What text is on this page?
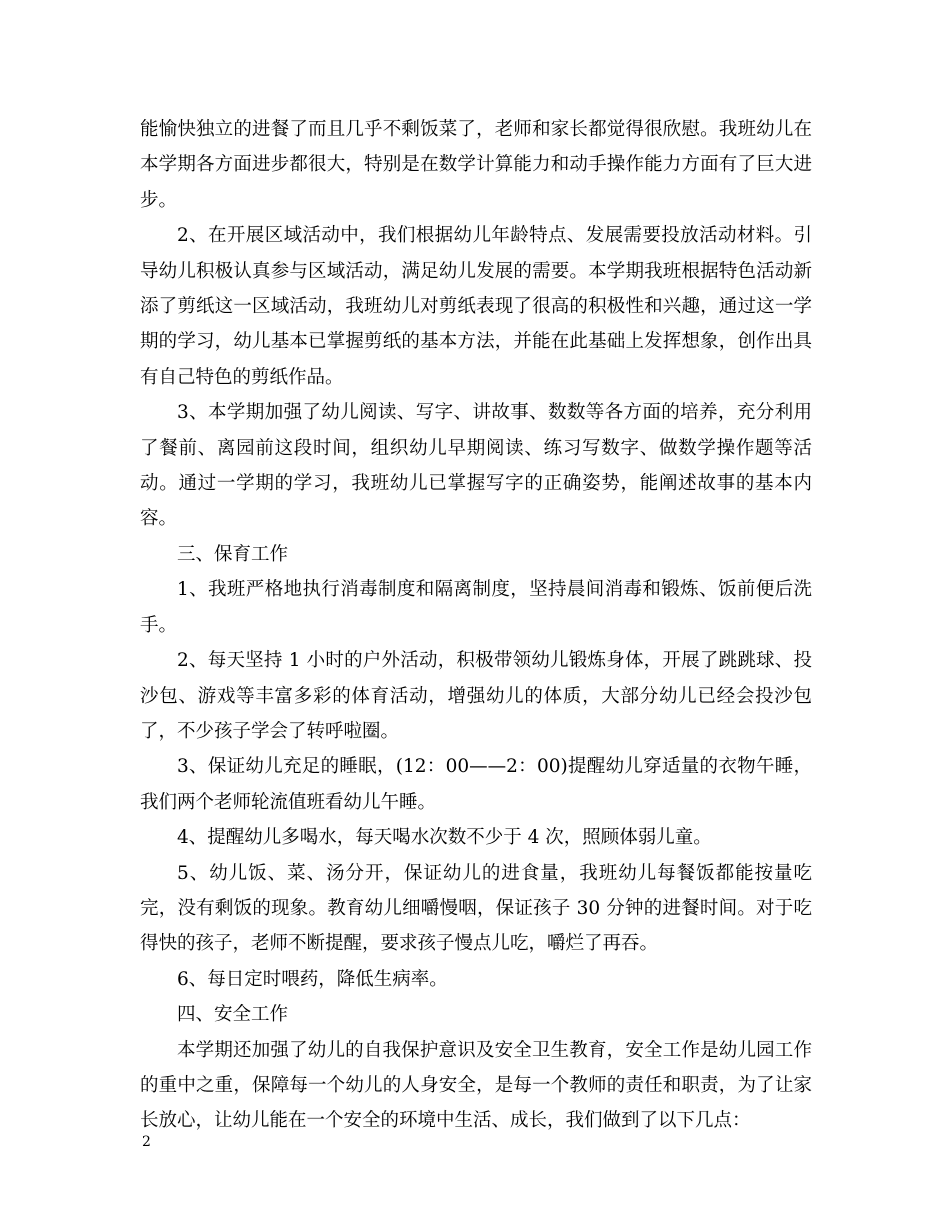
能愉快独立的进餐了而且几乎不剩饭菜了，老师和家长都觉得很欣慰。我班幼儿在本学期各方面进步都很大，特别是在数学计算能力和动手操作能力方面有了巨大进步。

2、在开展区域活动中，我们根据幼儿年龄特点、发展需要投放活动材料。引导幼儿积极认真参与区域活动，满足幼儿发展的需要。本学期我班根据特色活动新添了剪纸这一区域活动，我班幼儿对剪纸表现了很高的积极性和兴趣，通过这一学期的学习，幼儿基本已掌握剪纸的基本方法，并能在此基础上发挥想象，创作出具有自己特色的剪纸作品。

3、本学期加强了幼儿阅读、写字、讲故事、数数等各方面的培养，充分利用了餐前、离园前这段时间，组织幼儿早期阅读、练习写数字、做数学操作题等活动。通过一学期的学习，我班幼儿已掌握写字的正确姿势，能阐述故事的基本内容。

三、保育工作

1、我班严格地执行消毒制度和隔离制度，坚持晨间消毒和锻炼、饭前便后洗手。

2、每天坚持 1 小时的户外活动，积极带领幼儿锻炼身体，开展了跳跳球、投沙包、游戏等丰富多彩的体育活动，增强幼儿的体质，大部分幼儿已经会投沙包了，不少孩子学会了转呼啦圈。

3、保证幼儿充足的睡眠，(12：00——2：00)提醒幼儿穿适量的衣物午睡，我们两个老师轮流值班看幼儿午睡。

4、提醒幼儿多喝水，每天喝水次数不少于 4 次，照顾体弱儿童。

5、幼儿饭、菜、汤分开，保证幼儿的进食量，我班幼儿每餐饭都能按量吃完，没有剩饭的现象。教育幼儿细嚼慢咽，保证孩子 30 分钟的进餐时间。对于吃得快的孩子，老师不断提醒，要求孩子慢点儿吃，嚼烂了再吞。

6、每日定时喂药，降低生病率。

四、安全工作

本学期还加强了幼儿的自我保护意识及安全卫生教育，安全工作是幼儿园工作的重中之重，保障每一个幼儿的人身安全，是每一个教师的责任和职责，为了让家长放心，让幼儿能在一个安全的环境中生活、成长，我们做到了以下几点：

2
